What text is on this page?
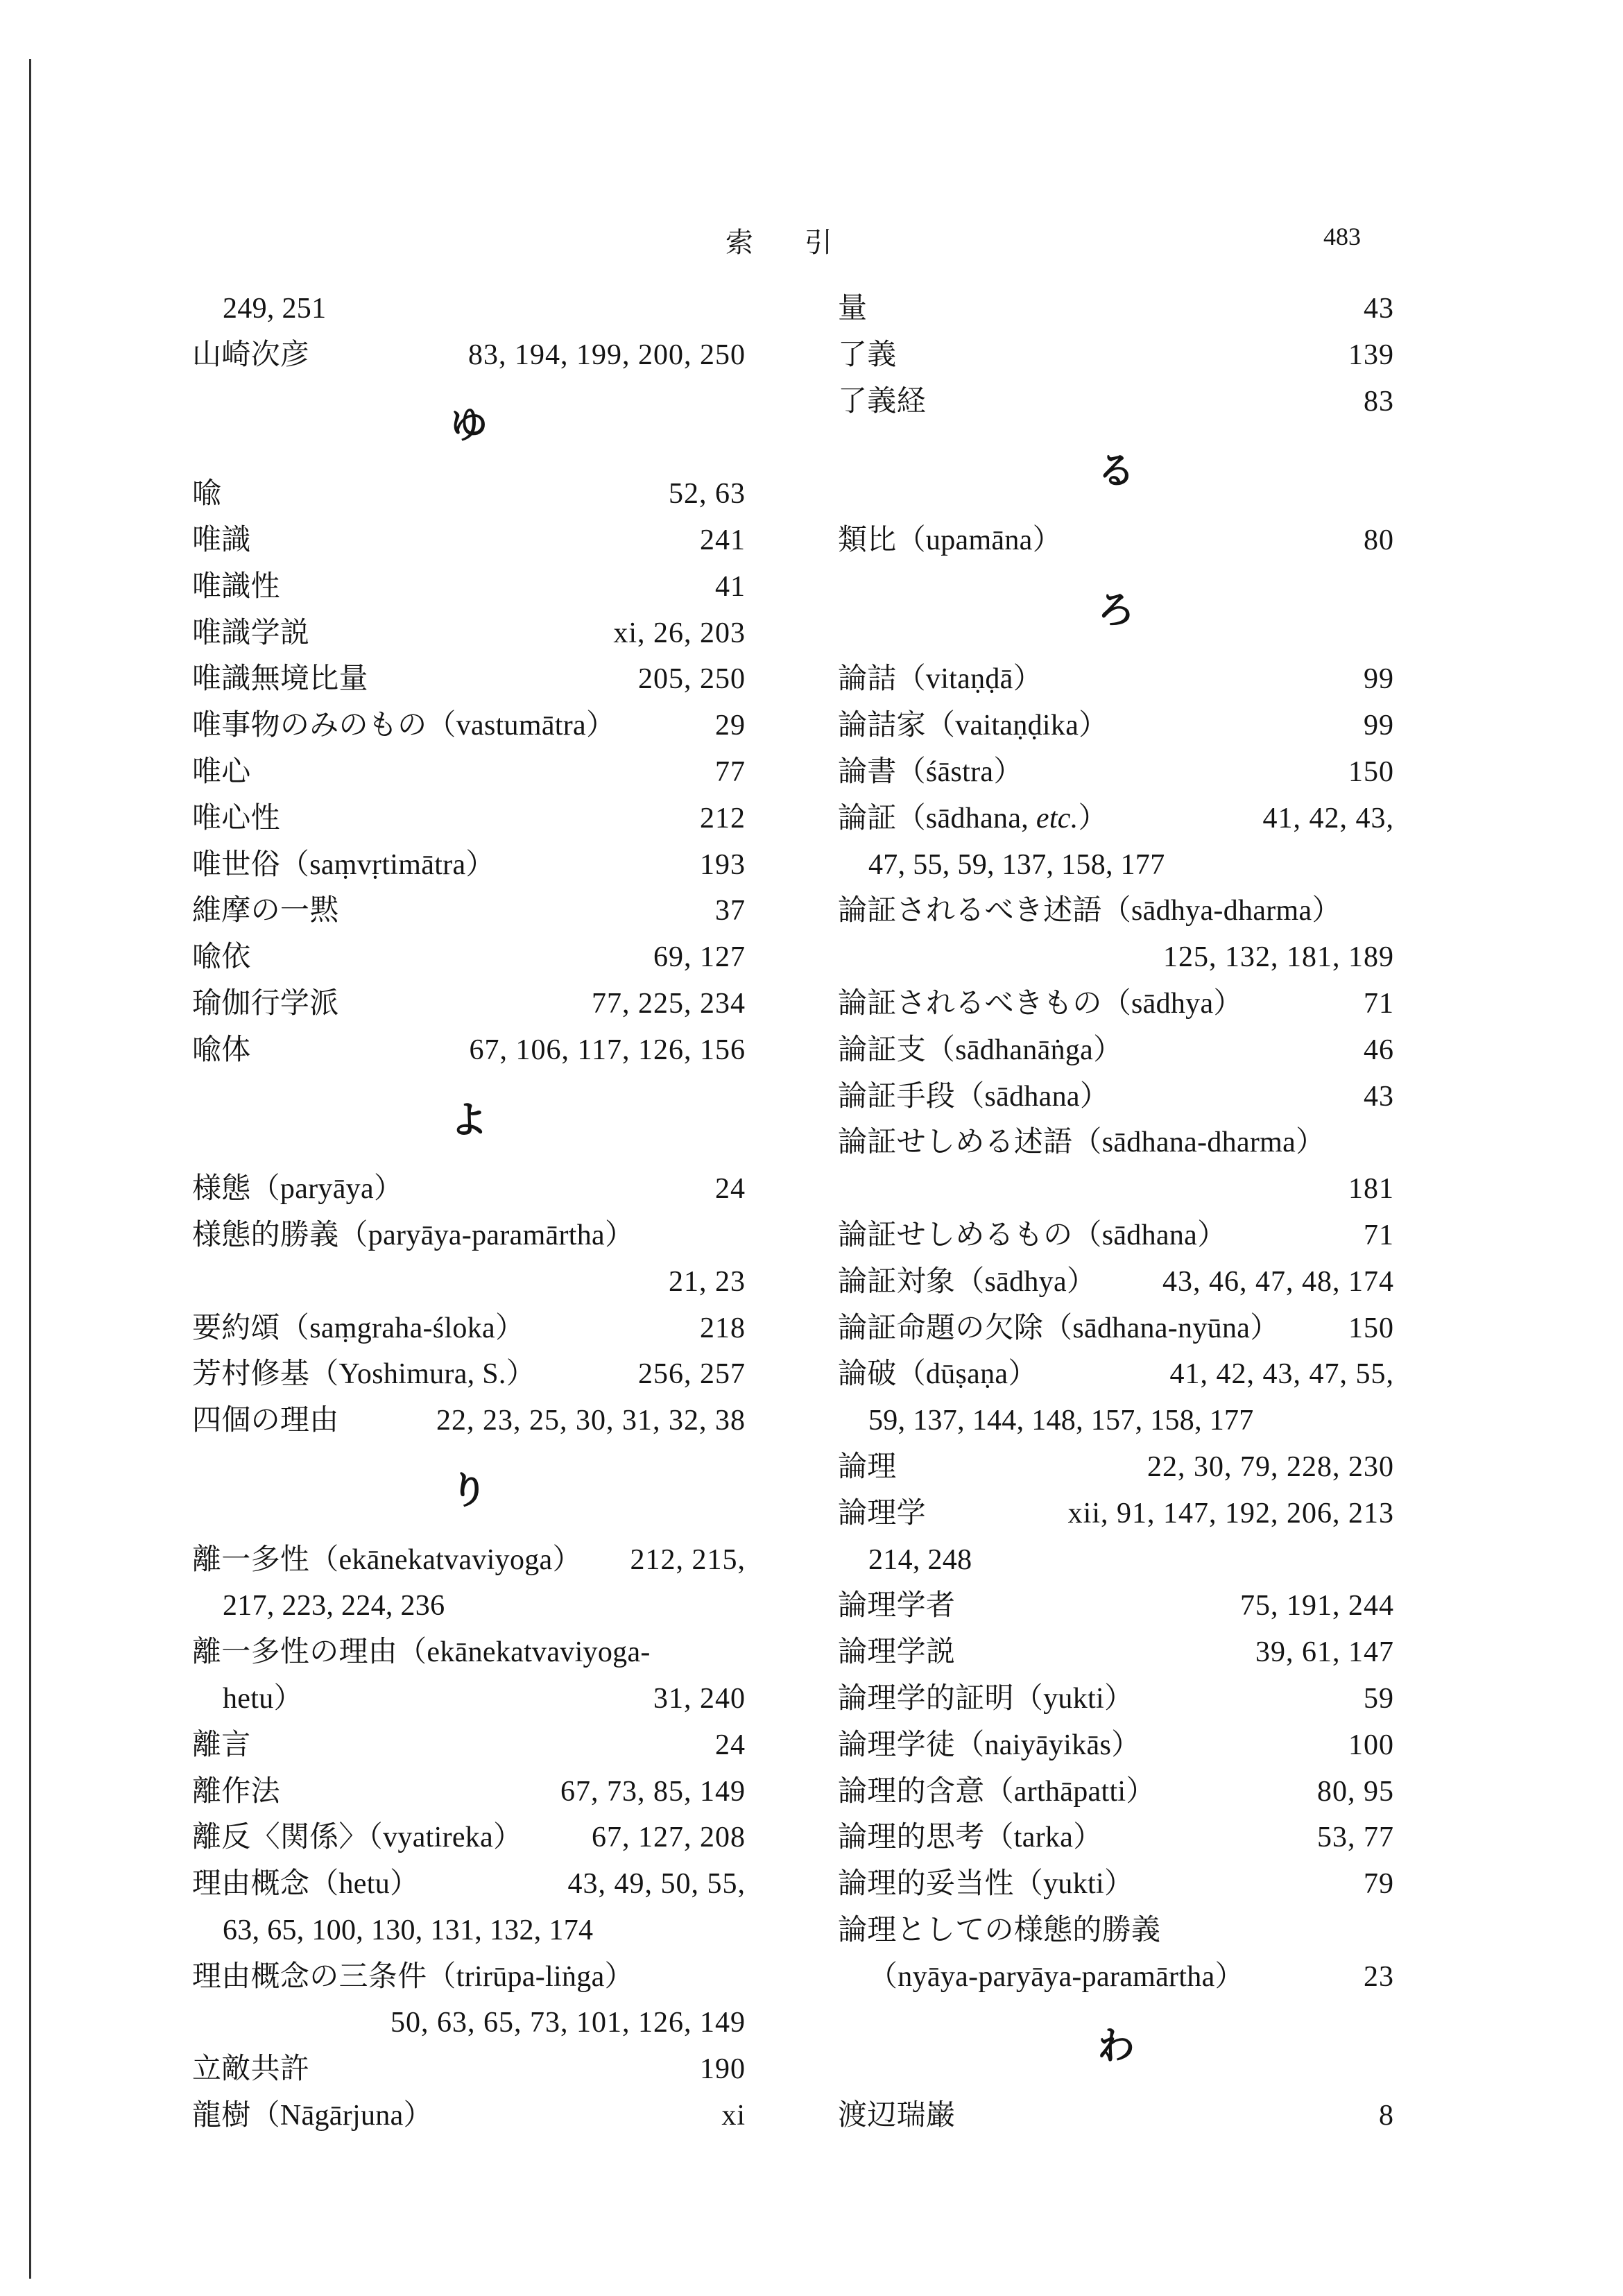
索 引	483
249, 251
山崎次彦	83, 194, 199, 200, 250
ゆ
喩	52, 63
唯識	241
唯識性	41
唯識学説	xi, 26, 203
唯識無境比量	205, 250
唯事物のみのもの（vastumātra）	29
唯心	77
唯心性	212
唯世俗（saṃvṛtimātra）	193
維摩の一黙	37
喩依	69, 127
瑜伽行学派	77, 225, 234
喩体	67, 106, 117, 126, 156
よ
様態（paryāya）	24
様態的勝義（paryāya-paramārtha）
21, 23
要約頌（saṃgraha-śloka）	218
芳村修基（Yoshimura, S.）	256, 257
四個の理由	22, 23, 25, 30, 31, 32, 38
り
離一多性（ekānekatvaviyoga） 212, 215,
217, 223, 224, 236
離一多性の理由（ekānekatvaviyoga-
hetu）	31, 240
離言	24
離作法	67, 73, 85, 149
離反〈関係〉（vyatireka） 67, 127, 208
理由概念（hetu）	43, 49, 50, 55,
63, 65, 100, 130, 131, 132, 174
理由概念の三条件（trirūpa-liṅga）
50, 63, 65, 73, 101, 126, 149
立敵共許	190
龍樹（Nāgārjuna）	xi
量	43
了義	139
了義経	83
る
類比（upamāna）	80
ろ
論詰（vitaṇḍā）	99
論詰家（vaitaṇḍika）	99
論書（śāstra）	150
論証（sādhana, etc.）	41, 42, 43,
47, 55, 59, 137, 158, 177
論証されるべき述語（sādhya-dharma）
125, 132, 181, 189
論証されるべきもの（sādhya）	71
論証支（sādhanāṅga）	46
論証手段（sādhana）	43
論証せしめる述語（sādhana-dharma）
181
論証せしめるもの（sādhana）	71
論証対象（sādhya） 43, 46, 47, 48, 174
論証命題の欠除（sādhana-nyūna） 150
論破（dūṣaṇa）	41, 42, 43, 47, 55,
59, 137, 144, 148, 157, 158, 177
論理	22, 30, 79, 228, 230
論理学	xii, 91, 147, 192, 206, 213
214, 248
論理学者	75, 191, 244
論理学説	39, 61, 147
論理学的証明（yukti）	59
論理学徒（naiyāyikās）	100
論理的含意（arthāpatti）	80, 95
論理的思考（tarka）	53, 77
論理的妥当性（yukti）	79
論理としての様態的勝義
（nyāya-paryāya-paramārtha）	23
わ
渡辺瑞巌	8
